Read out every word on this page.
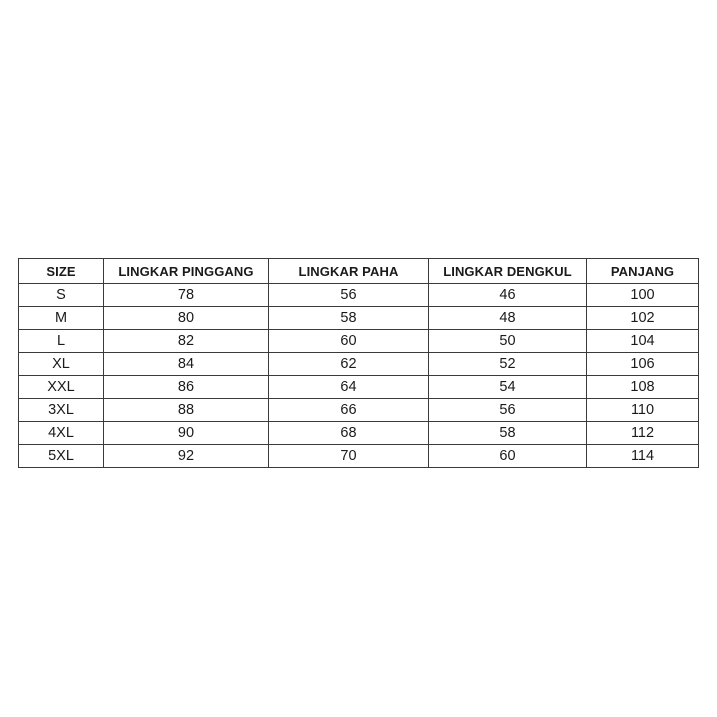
SIZE	LINGKAR PINGGANG	LINGKAR PAHA	LINGKAR DENGKUL	PANJANG
S	78	56	46	100
M	80	58	48	102
L	82	60	50	104
XL	84	62	52	106
XXL	86	64	54	108
3XL	88	66	56	110
4XL	90	68	58	112
5XL	92	70	60	114
